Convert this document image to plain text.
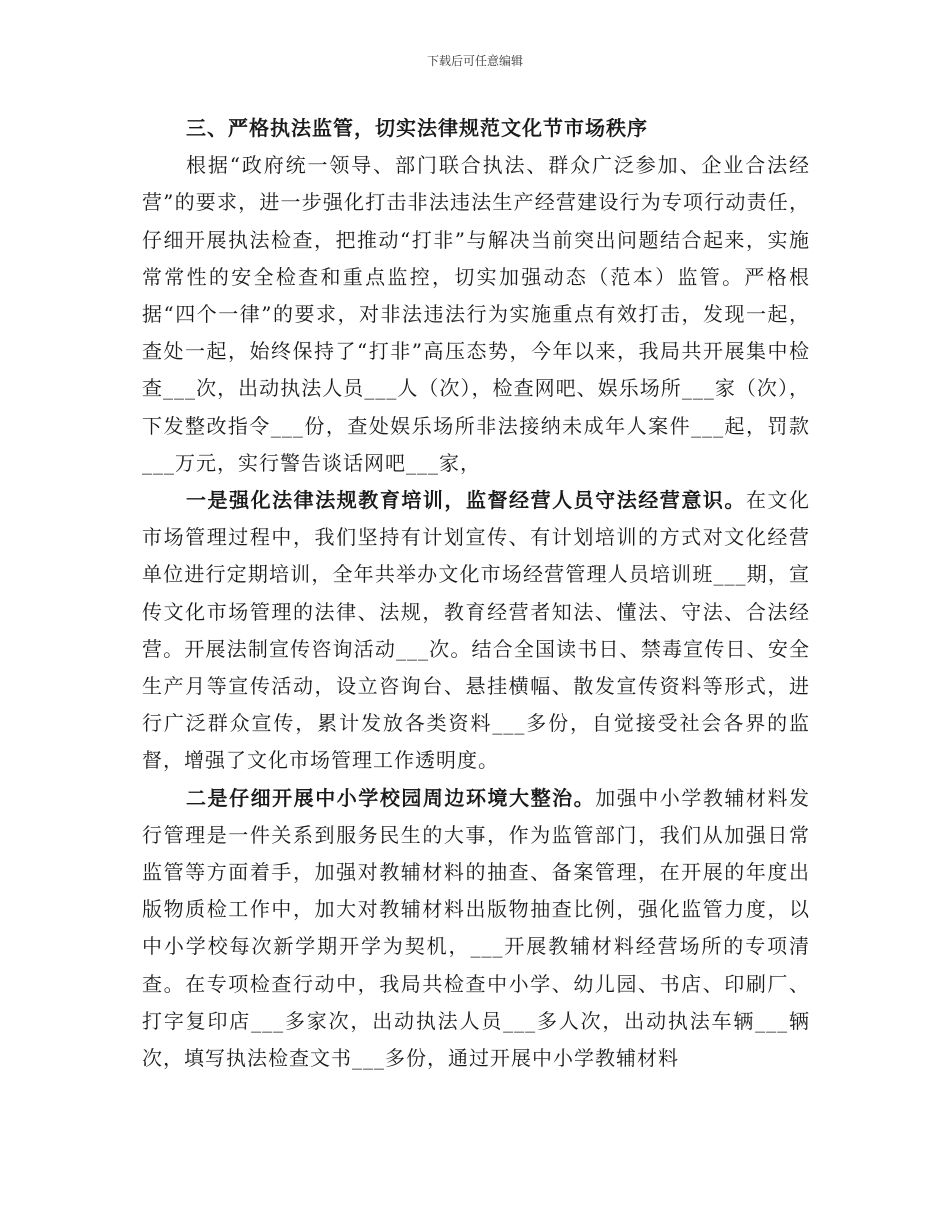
下载后可任意编辑

三、严格执法监管，切实法律规范文化节市场秩序

根据“政府统一领导、部门联合执法、群众广泛参加、企业合法经营”的要求，进一步强化打击非法违法生产经营建设行为专项行动责任，仔细开展执法检查，把推动“打非”与解决当前突出问题结合起来，实施常常性的安全检查和重点监控，切实加强动态（范本）监管。严格根据“四个一律”的要求，对非法违法行为实施重点有效打击，发现一起，查处一起，始终保持了“打非”高压态势，今年以来，我局共开展集中检查___次，出动执法人员___人（次），检查网吧、娱乐场所___家（次），下发整改指令___份，查处娱乐场所非法接纳未成年人案件___起，罚款___万元，实行警告谈话网吧___家，

一是强化法律法规教育培训，监督经营人员守法经营意识。在文化市场管理过程中，我们坚持有计划宣传、有计划培训的方式对文化经营单位进行定期培训，全年共举办文化市场经营管理人员培训班___期，宣传文化市场管理的法律、法规，教育经营者知法、懂法、守法、合法经营。开展法制宣传咨询活动___次。结合全国读书日、禁毒宣传日、安全生产月等宣传活动，设立咨询台、悬挂横幅、散发宣传资料等形式，进行广泛群众宣传，累计发放各类资料___多份，自觉接受社会各界的监督，增强了文化市场管理工作透明度。

二是仔细开展中小学校园周边环境大整治。加强中小学教辅材料发行管理是一件关系到服务民生的大事，作为监管部门，我们从加强日常监管等方面着手，加强对教辅材料的抽查、备案管理，在开展的年度出版物质检工作中，加大对教辅材料出版物抽查比例，强化监管力度，以中小学校每次新学期开学为契机，___开展教辅材料经营场所的专项清查。在专项检查行动中，我局共检查中小学、幼儿园、书店、印刷厂、打字复印店___多家次，出动执法人员___多人次，出动执法车辆___辆次，填写执法检查文书___多份，通过开展中小学教辅材料
